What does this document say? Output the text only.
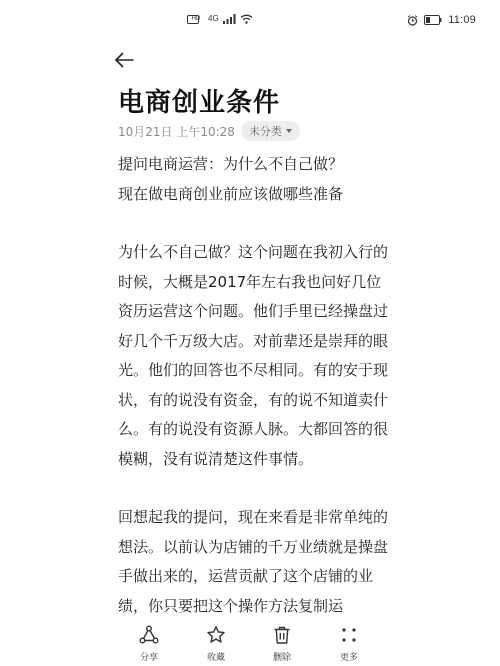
HD 4G	11:09
电商创业条件
10月21日 上午10:28 未分类

提问电商运营：为什么不自己做？

现在做电商创业前应该做哪些准备

为什么不自己做？这个问题在我初入行的时候，大概是2017年左右我也问好几位资历运营这个问题。他们手里已经操盘过好几个千万级大店。对前辈还是崇拜的眼光。他们的回答也不尽相同。有的安于现状，有的说没有资金，有的说不知道卖什么。有的说没有资源人脉。大都回答的很模糊，没有说清楚这件事情。

回想起我的提问，现在来看是非常单纯的想法。以前认为店铺的千万业绩就是操盘手做出来的，运营贡献了这个店铺的业绩，你只要把这个操作方法复制运

分享	收藏	删除	更多
